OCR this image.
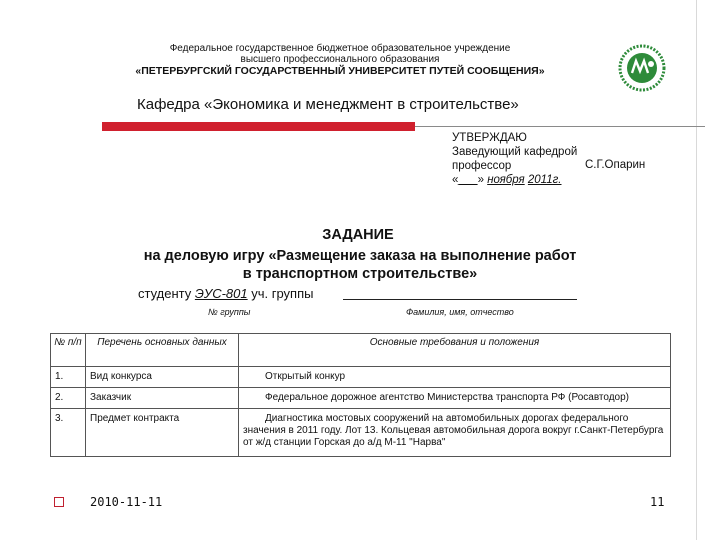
Федеральное государственное бюджетное образовательное учреждение
высшего профессионального образования
«ПЕТЕРБУРГСКИЙ ГОСУДАРСТВЕННЫЙ УНИВЕРСИТЕТ ПУТЕЙ СООБЩЕНИЯ»
Кафедра «Экономика и менеджмент в строительстве»
УТВЕРЖДАЮ
Заведующий кафедрой
профессор	С.Г.Опарин
«___» ноября 2011г.
ЗАДАНИЕ
на деловую игру «Размещение заказа на выполнение работ
в транспортном строительстве»
студенту ЭУС-801 уч. группы
№ группы	Фамилия, имя, отчество
№ п/п	Перечень основных данных	Основные требования и положения
1.	Вид конкурса	Открытый конкур
2.	Заказчик	Федеральное дорожное агентство Министерства транспорта РФ (Росавтодор)
3.	Предмет контракта	Диагностика мостовых сооружений на автомобильных дорогах федерального значения в 2011 году. Лот 13. Кольцевая автомобильная дорога вокруг г.Санкт-Петербурга от ж/д станции Горская до а/д М-11 "Нарва"
2010-11-11	11
